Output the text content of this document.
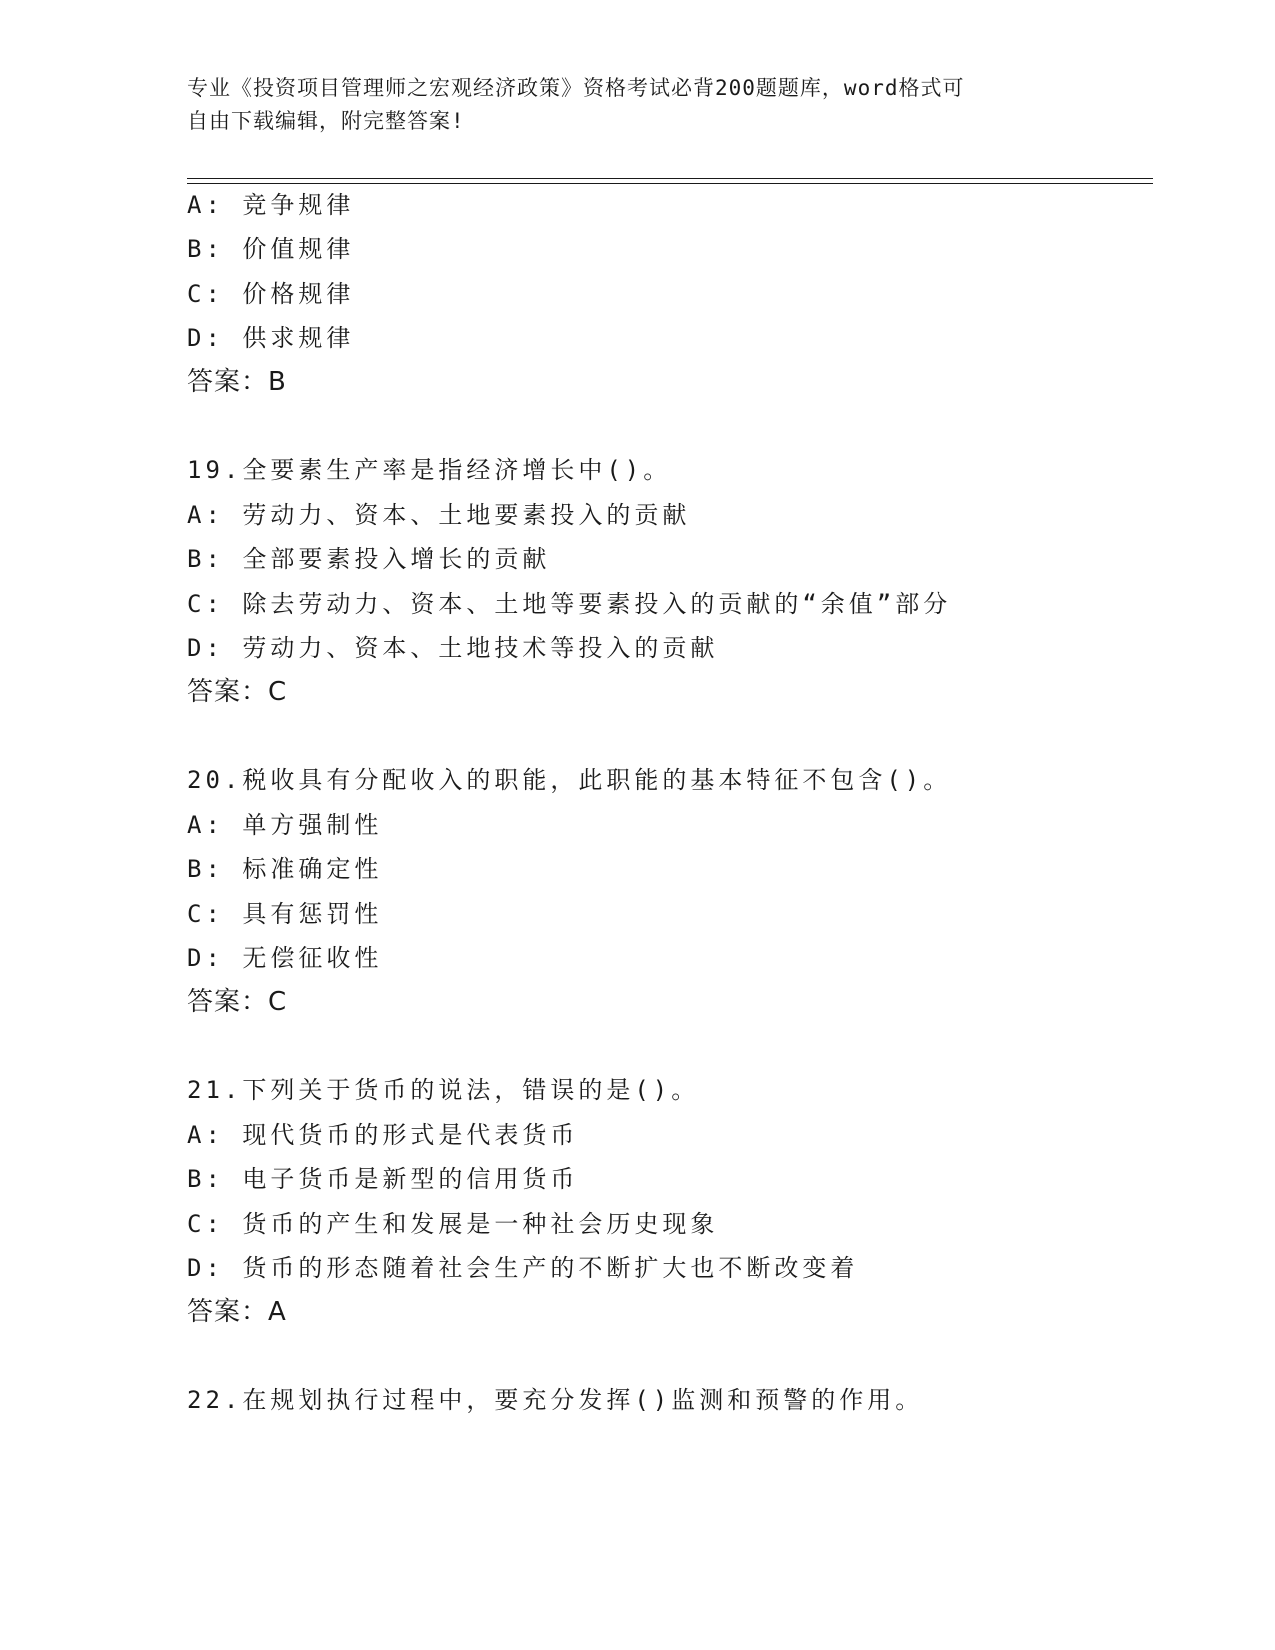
专业《投资项目管理师之宏观经济政策》资格考试必背200题题库，word格式可
自由下载编辑，附完整答案!
A: 竞争规律
B: 价值规律
C: 价格规律
D: 供求规律
答案：B
19.全要素生产率是指经济增长中()。
A: 劳动力、资本、土地要素投入的贡献
B: 全部要素投入增长的贡献
C: 除去劳动力、资本、土地等要素投入的贡献的“余值”部分
D: 劳动力、资本、土地技术等投入的贡献
答案：C
20.税收具有分配收入的职能，此职能的基本特征不包含()。
A: 单方强制性
B: 标准确定性
C: 具有惩罚性
D: 无偿征收性
答案：C
21.下列关于货币的说法，错误的是()。
A: 现代货币的形式是代表货币
B: 电子货币是新型的信用货币
C: 货币的产生和发展是一种社会历史现象
D: 货币的形态随着社会生产的不断扩大也不断改变着
答案：A
22.在规划执行过程中，要充分发挥()监测和预警的作用。
